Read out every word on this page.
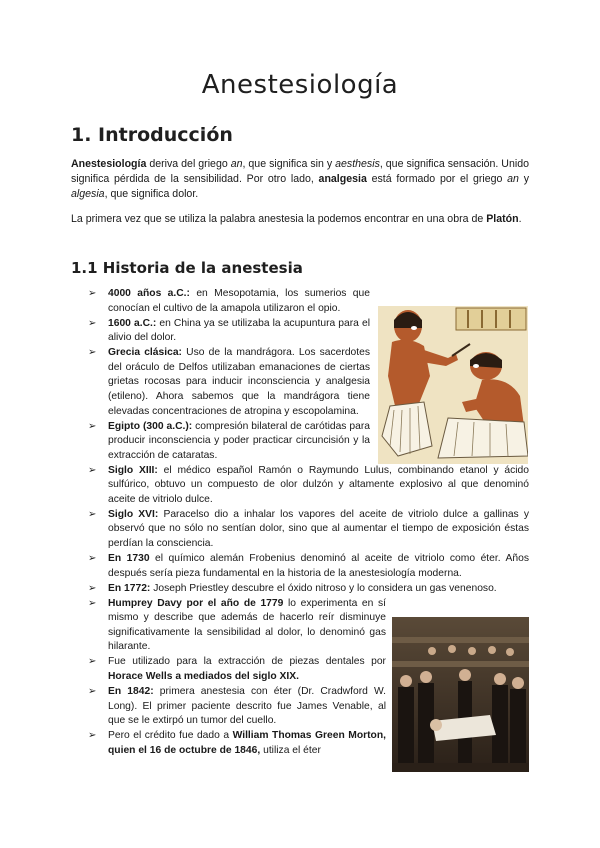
Anestesiología
1. Introducción

Anestesiología deriva del griego an, que significa sin y aesthesis, que significa sensación. Unido significa pérdida de la sensibilidad. Por otro lado, analgesia está formado por el griego an y algesia, que significa dolor.

La primera vez que se utiliza la palabra anestesia la podemos encontrar en una obra de Platón.

1.1 Historia de la anestesia
➢ 4000 años a.C.: en Mesopotamia, los sumerios que conocían el cultivo de la amapola utilizaron el opio.
➢ 1600 a.C.: en China ya se utilizaba la acupuntura para el alivio del dolor.
➢ Grecia clásica: Uso de la mandrágora. Los sacerdotes del oráculo de Delfos utilizaban emanaciones de ciertas grietas rocosas para inducir inconsciencia y analgesia (etileno). Ahora sabemos que la mandrágora tiene elevadas concentraciones de atropina y escopolamina.
➢ Egipto (300 a.C.): compresión bilateral de carótidas para producir inconsciencia y poder practicar circuncisión y la extracción de cataratas.
➢ Siglo XIII: el médico español Ramón o Raymundo Lulus, combinando etanol y ácido sulfúrico, obtuvo un compuesto de olor dulzón y altamente explosivo al que denominó aceite de vitriolo dulce.
➢ Siglo XVI: Paracelso dio a inhalar los vapores del aceite de vitriolo dulce a gallinas y observó que no sólo no sentían dolor, sino que al aumentar el tiempo de exposición éstas perdían la consciencia.
➢ En 1730 el químico alemán Frobenius denominó al aceite de vitriolo como éter. Años después sería pieza fundamental en la historia de la anestesiología moderna.
➢ En 1772: Joseph Priestley descubre el óxido nitroso y lo considera un gas venenoso.
➢ Humprey Davy por el año de 1779 lo experimenta en sí mismo y describe que además de hacerlo reír disminuye significativamente la sensibilidad al dolor, lo denominó gas hilarante.
➢ Fue utilizado para la extracción de piezas dentales por Horace Wells a mediados del siglo XIX.
➢ En 1842: primera anestesia con éter (Dr. Cradwford W. Long). El primer paciente descrito fue James Venable, al que se le extirpó un tumor del cuello.
➢ Pero el crédito fue dado a William Thomas Green Morton, quien el 16 de octubre de 1846, utiliza el éter
